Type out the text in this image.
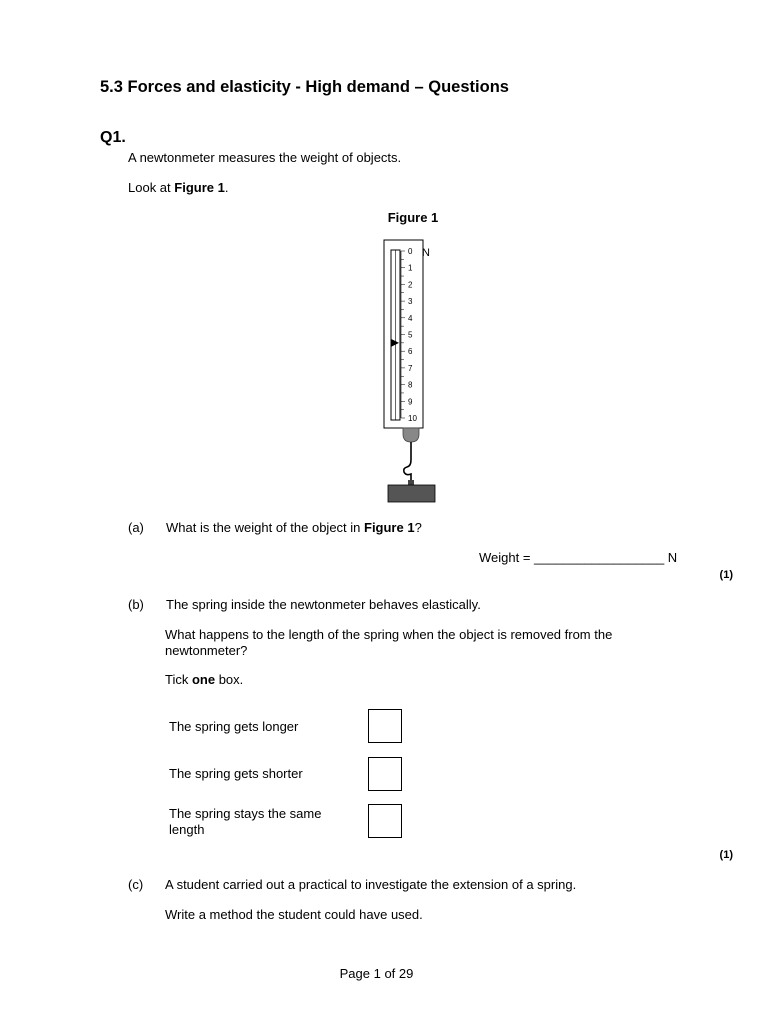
5.3 Forces and elasticity - High demand – Questions
Q1.
A newtonmeter measures the weight of objects.
Look at Figure 1.
Figure 1
0
1
2
3
4
5
6
7
8
9
10
N
(a) What is the weight of the object in Figure 1?
Weight = __________________ N
(1)
(b) The spring inside the newtonmeter behaves elastically.
What happens to the length of the spring when the object is removed from the newtonmeter?
Tick one box.
The spring gets longer
The spring gets shorter
The spring stays the same length
(1)
(c) A student carried out a practical to investigate the extension of a spring.
Write a method the student could have used.
Page 1 of 29
